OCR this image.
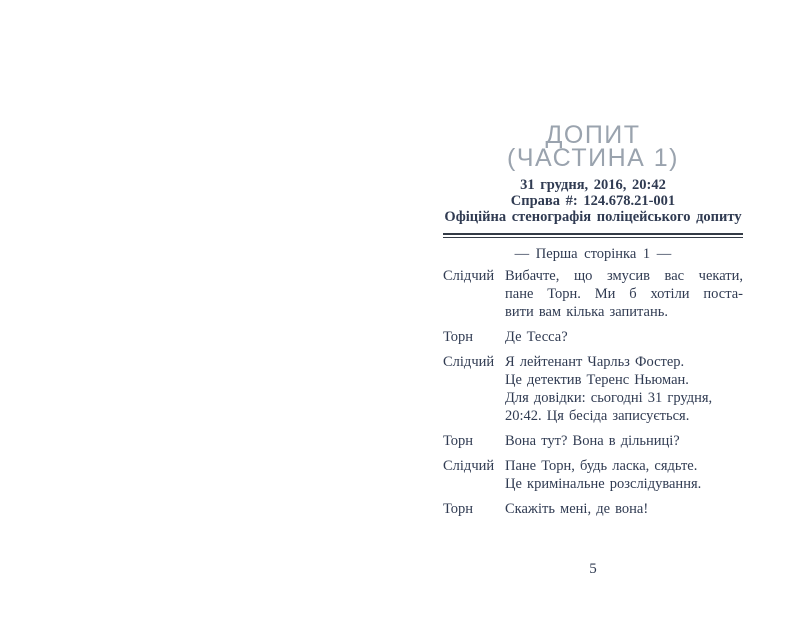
ДОПИТ
(ЧАСТИНА 1)
31 грудня, 2016, 20:42
Справа #: 124.678.21-001
Офіційна стенографія поліцейського допиту
— Перша сторінка 1 —
Слідчий Вибачте, що змусив вас чекати,
пане Торн. Ми б хотіли поста-
вити вам кілька запитань.
Торн	Де Тесса?
Слідчий Я лейтенант Чарльз Фостер.
Це детектив Теренс Ньюман.
Для довідки: сьогодні 31 грудня,
20:42. Ця бесіда записується.
Торн	Вона тут? Вона в дільниці?
Слідчий Пане Торн, будь ласка, сядьте.
Це кримінальне розслідування.
Торн	Скажіть мені, де вона!
5
